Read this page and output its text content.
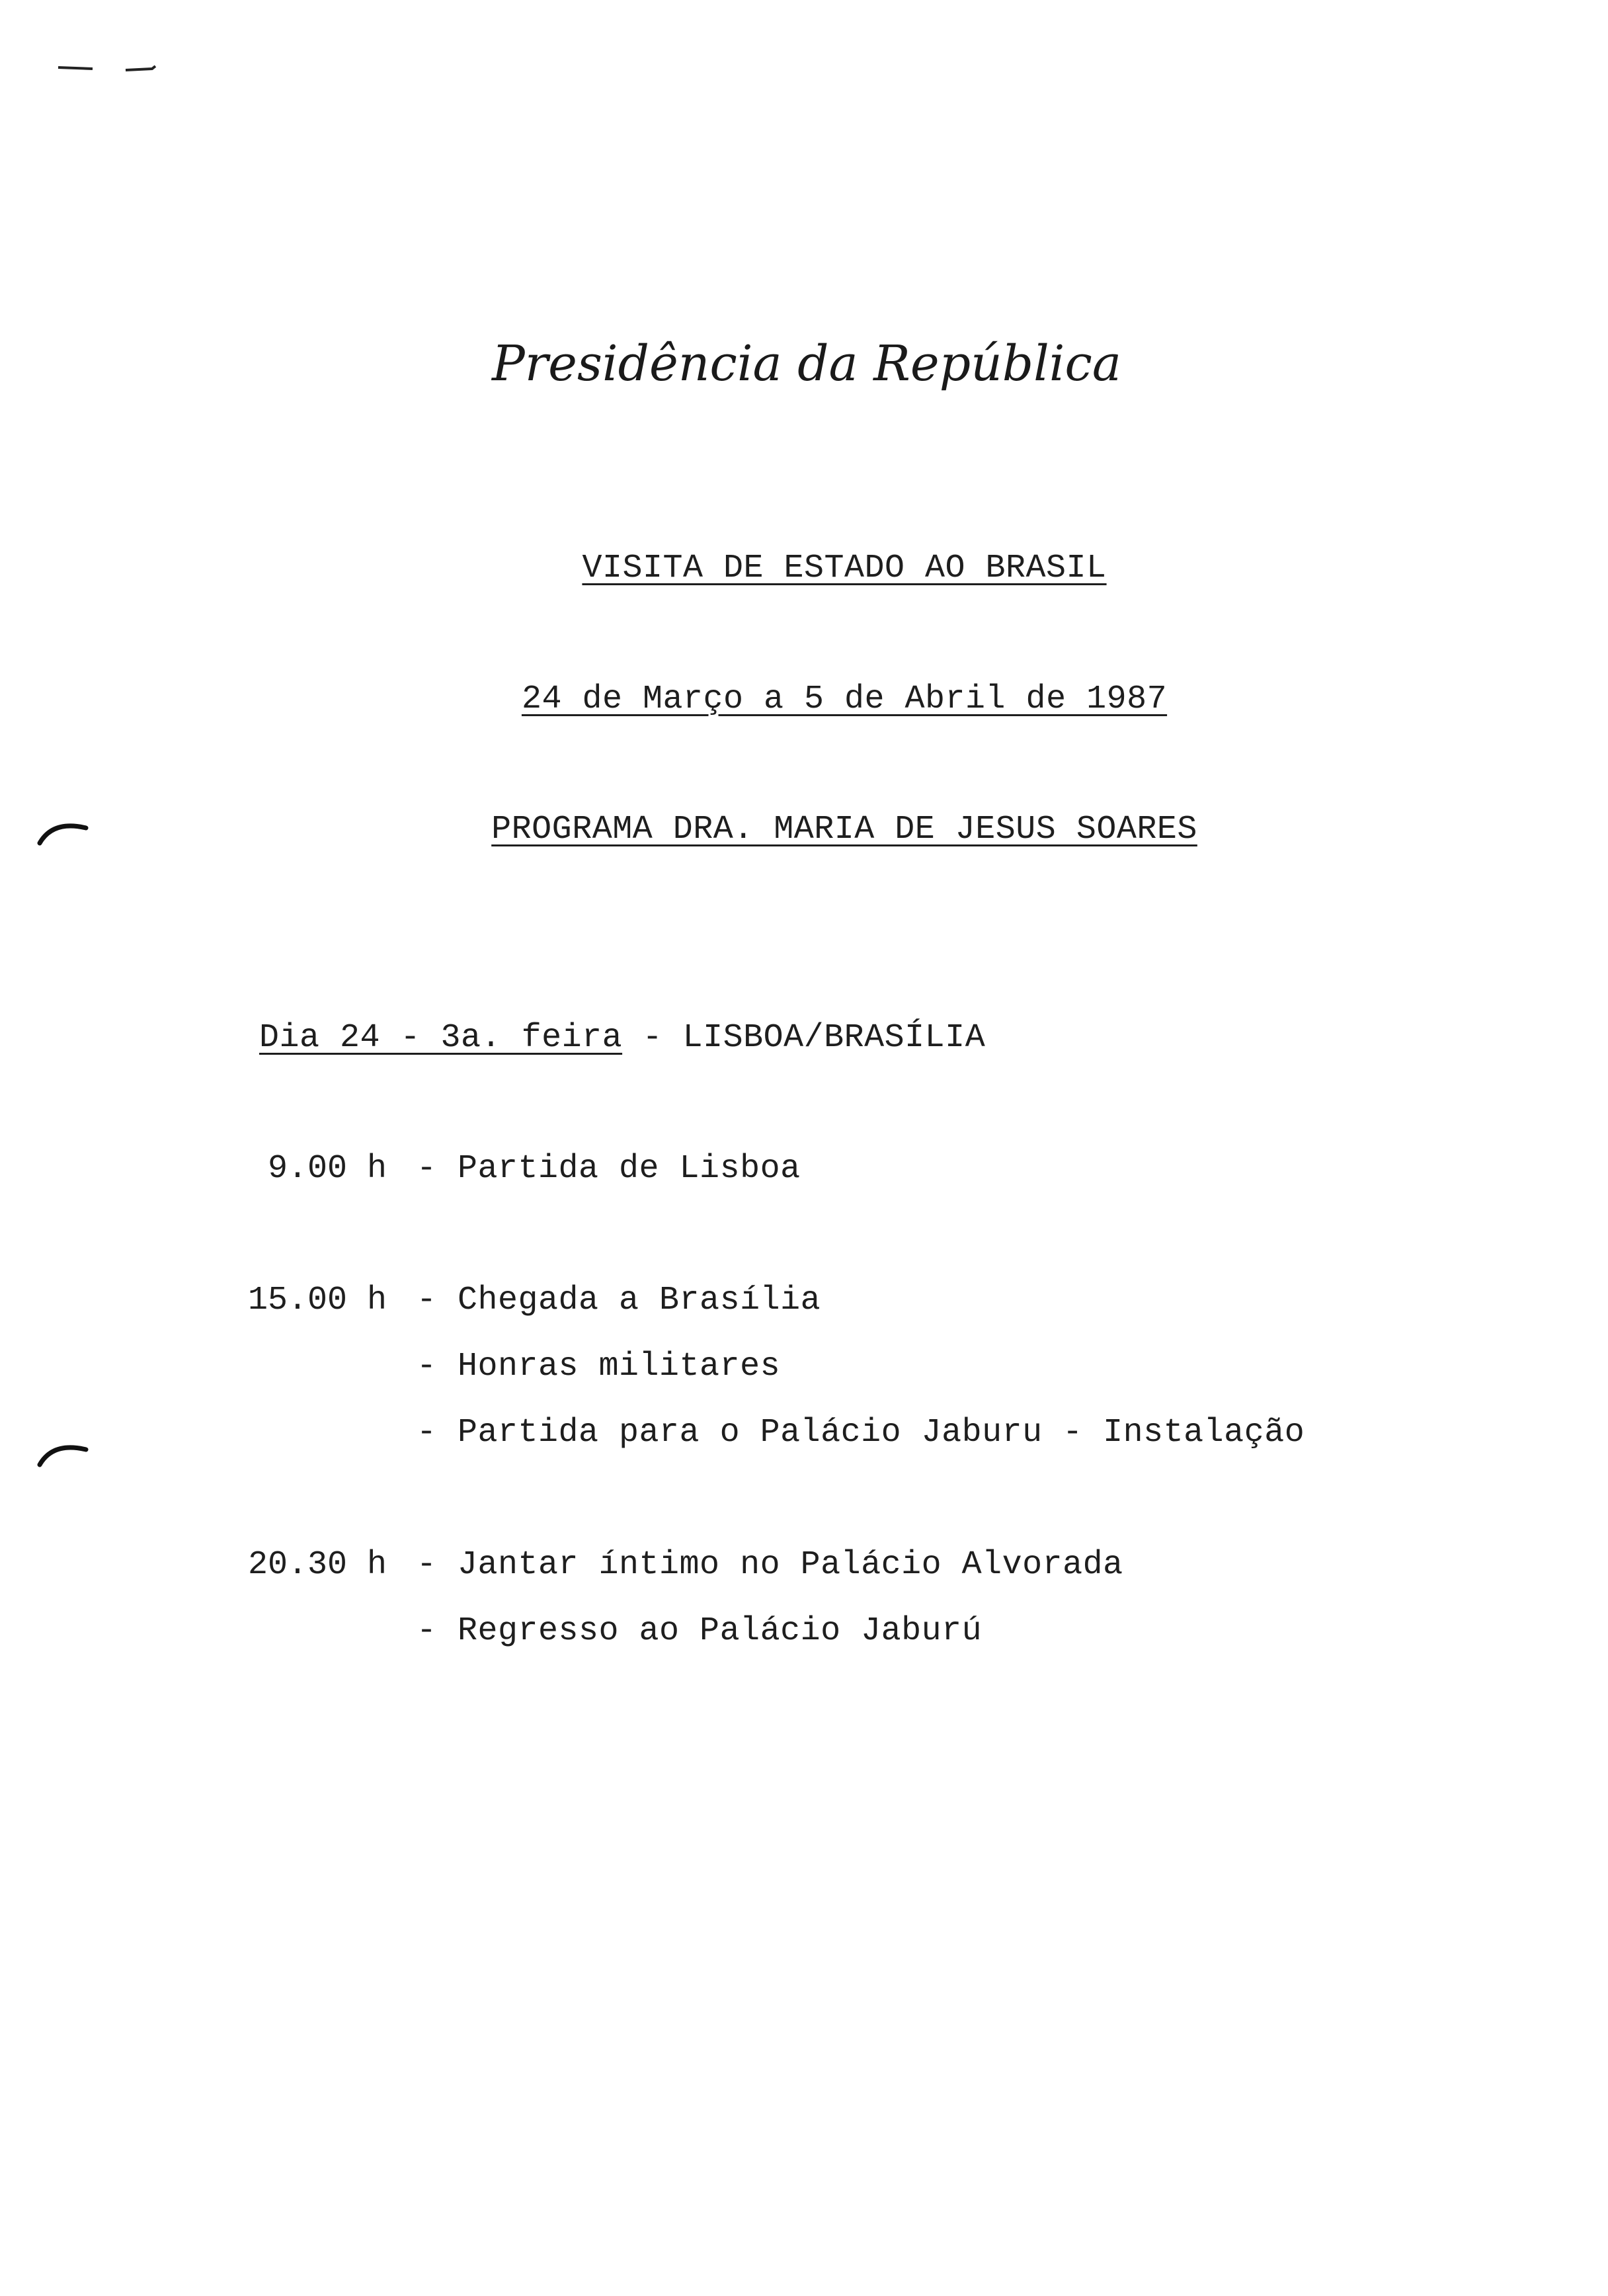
Presidência da República

VISITA DE ESTADO AO BRASIL

24 de Março a 5 de Abril de 1987

PROGRAMA DRA. MARIA DE JESUS SOARES

Dia 24 - 3a. feira - LISBOA/BRASÍLIA
9.00 h - Partida de Lisboa
15.00 h - Chegada a Brasília
- Honras militares
- Partida para o Palácio Jaburu - Instalação
20.30 h - Jantar íntimo no Palácio Alvorada
- Regresso ao Palácio Jaburú
